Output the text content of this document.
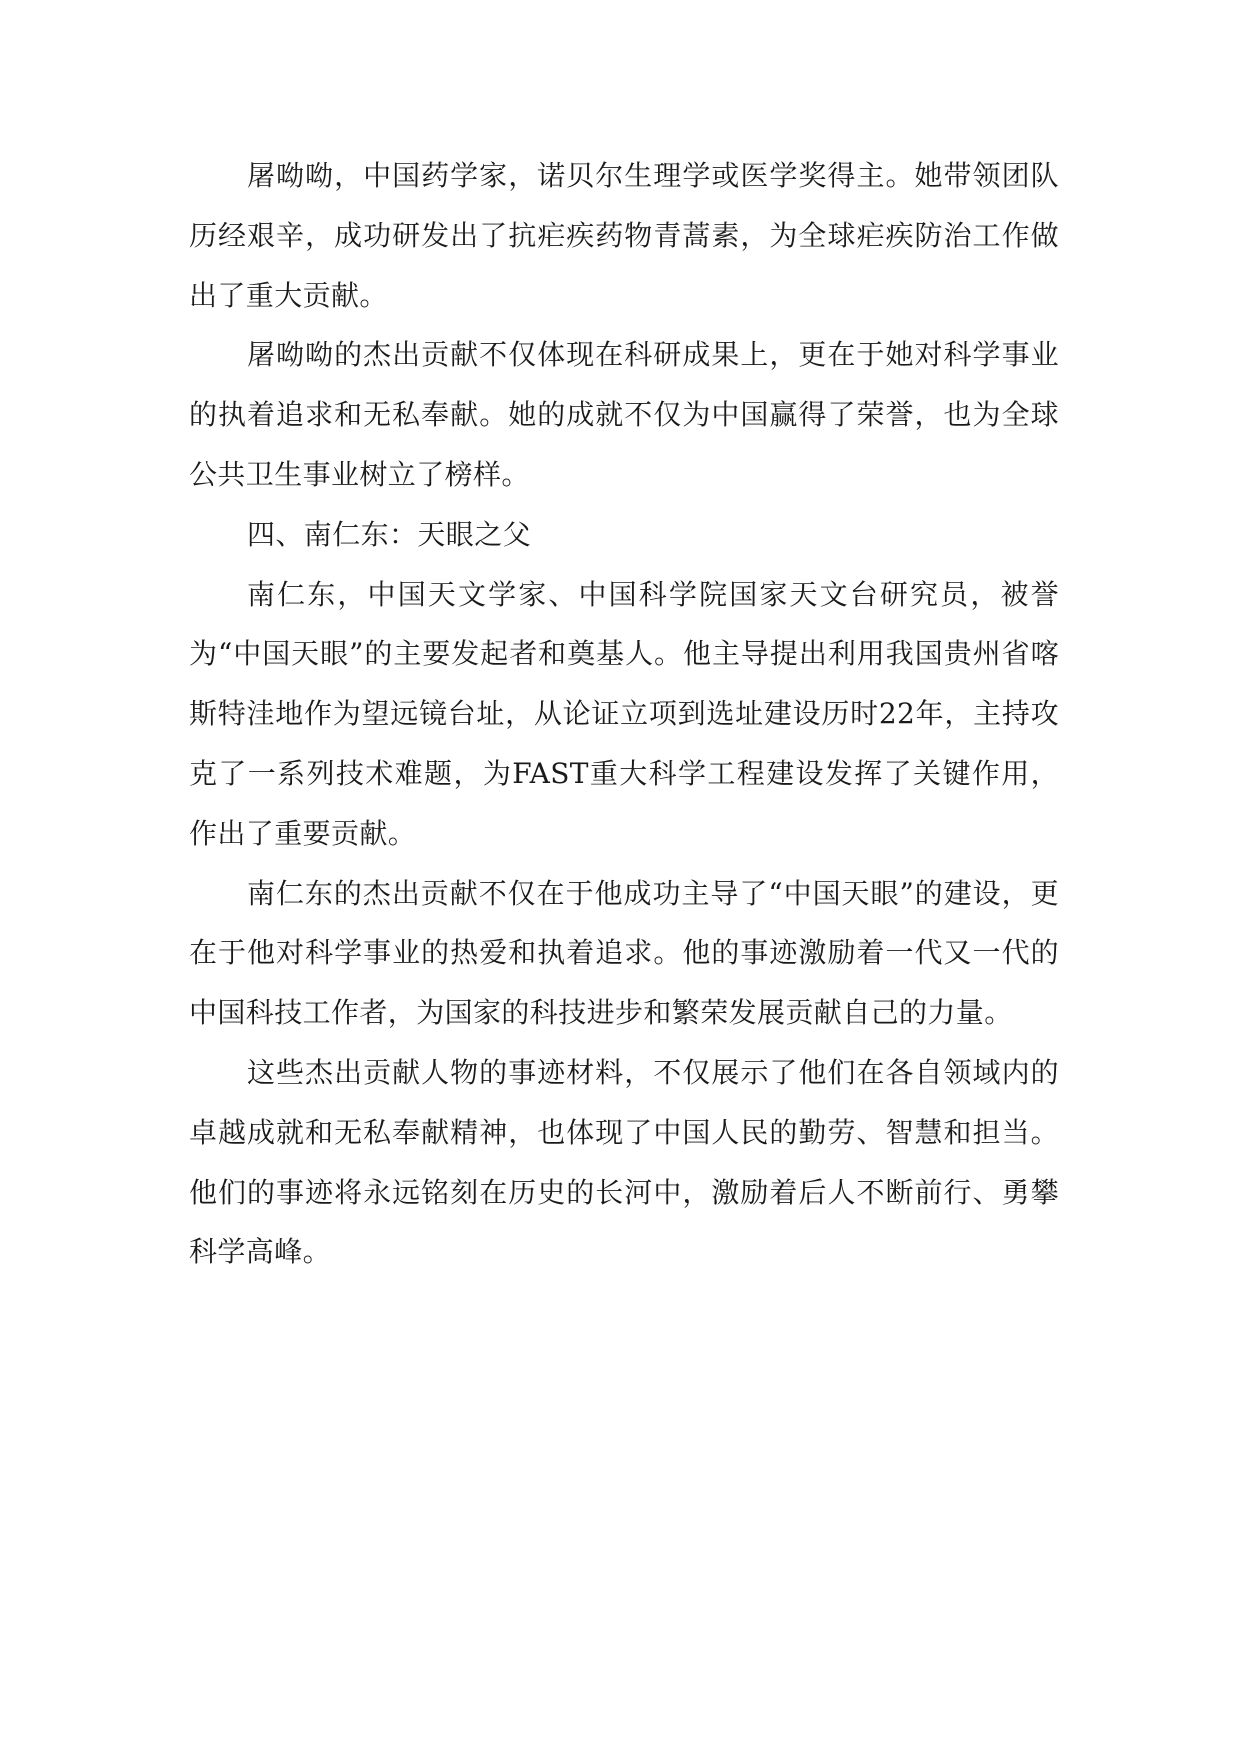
屠呦呦，中国药学家，诺贝尔生理学或医学奖得主。她带领团队历经艰辛，成功研发出了抗疟疾药物青蒿素，为全球疟疾防治工作做出了重大贡献。

屠呦呦的杰出贡献不仅体现在科研成果上，更在于她对科学事业的执着追求和无私奉献。她的成就不仅为中国赢得了荣誉，也为全球公共卫生事业树立了榜样。

四、南仁东：天眼之父

南仁东，中国天文学家、中国科学院国家天文台研究员，被誉为“中国天眼”的主要发起者和奠基人。他主导提出利用我国贵州省喀斯特洼地作为望远镜台址，从论证立项到选址建设历时22年，主持攻克了一系列技术难题，为FAST重大科学工程建设发挥了关键作用，作出了重要贡献。

南仁东的杰出贡献不仅在于他成功主导了“中国天眼”的建设，更在于他对科学事业的热爱和执着追求。他的事迹激励着一代又一代的中国科技工作者，为国家的科技进步和繁荣发展贡献自己的力量。

这些杰出贡献人物的事迹材料，不仅展示了他们在各自领域内的卓越成就和无私奉献精神，也体现了中国人民的勤劳、智慧和担当。他们的事迹将永远铭刻在历史的长河中，激励着后人不断前行、勇攀科学高峰。
